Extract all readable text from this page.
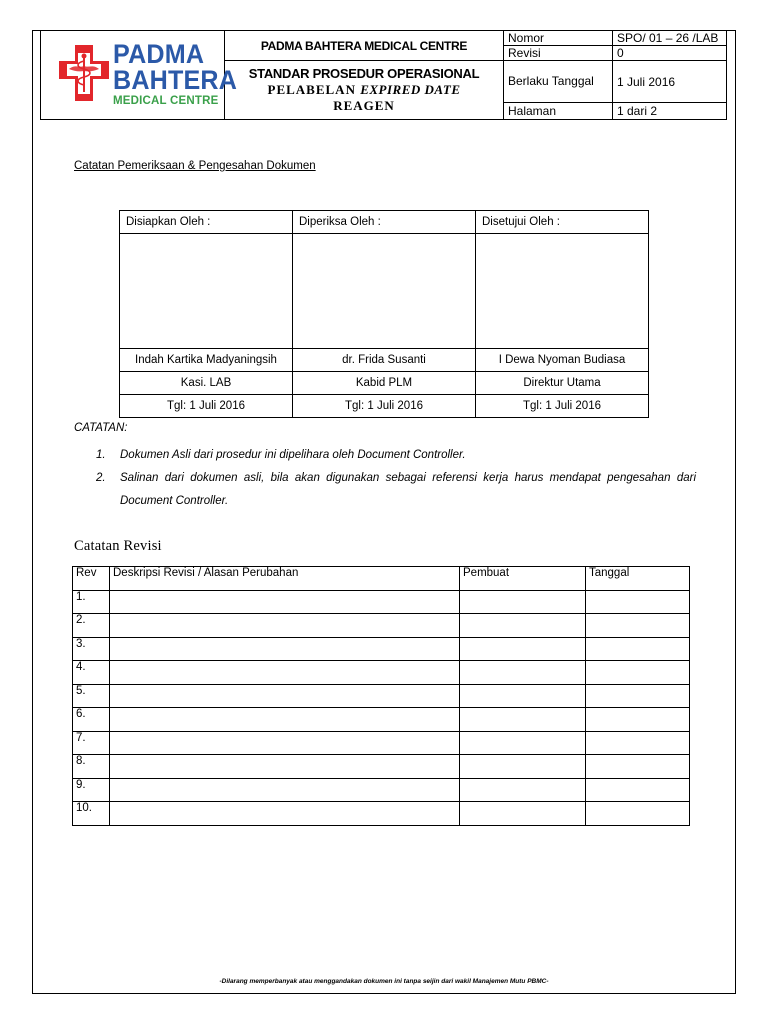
PADMA
BAHTERA
MEDICAL CENTRE	PADMA BAHTERA MEDICAL CENTRE	Nomor	SPO/ 01 – 26 /LAB
		Revisi	0

	STANDAR PROSEDUR OPERASIONAL
PELABELAN EXPIRED DATE
REAGEN	Berlaku Tanggal	1 Juli 2016
		Halaman	1 dari 2
Catatan Pemeriksaan & Pengesahan Dokumen
Disiapkan Oleh :	Diperiksa Oleh :	Disetujui Oleh :

Indah Kartika Madyaningsih	dr. Frida Susanti	I Dewa Nyoman Budiasa
Kasi. LAB	Kabid PLM	Direktur Utama
Tgl: 1 Juli 2016	Tgl: 1 Juli 2016	Tgl: 1 Juli 2016
CATATAN:
1. Dokumen Asli dari prosedur ini dipelihara oleh Document Controller.
2. Salinan dari dokumen asli, bila akan digunakan sebagai referensi kerja harus mendapat pengesahan dari Document Controller.
Catatan Revisi
Rev	Deskripsi Revisi / Alasan Perubahan	Pembuat	Tanggal
1.			
2.			
3.			
4.			
5.			
6.			
7.			
8.			
9.			
10.			
-Dilarang memperbanyak atau menggandakan dokumen ini tanpa seijin dari wakil Manajemen Mutu PBMC-
